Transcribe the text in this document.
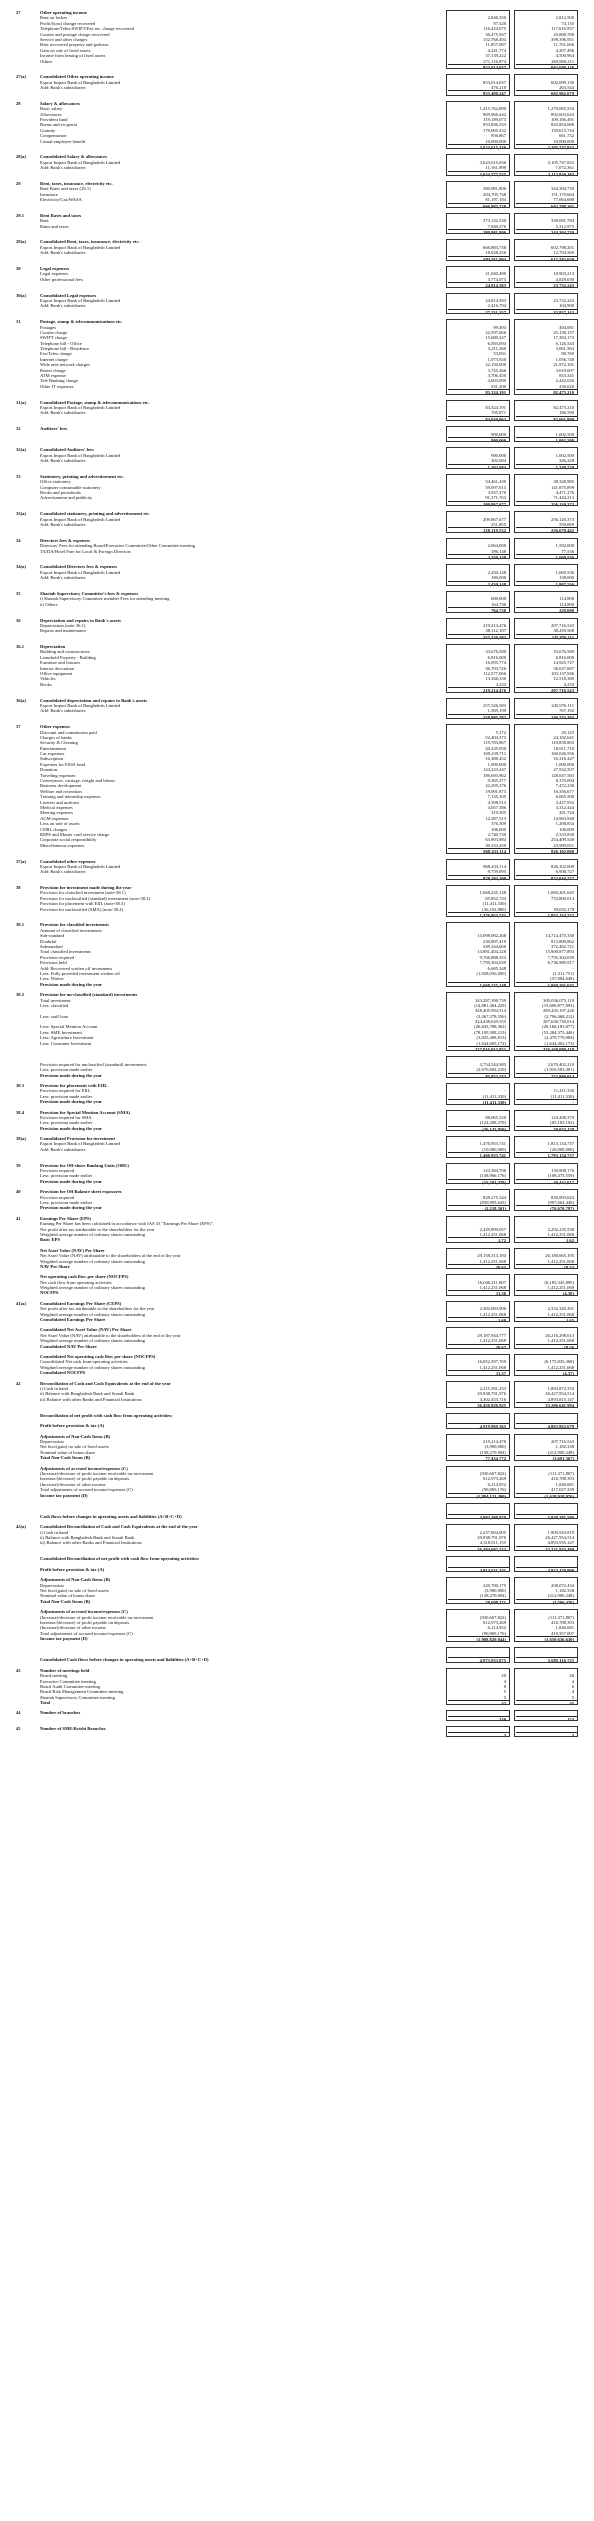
27	Other operating income
Rent on locker	2,846,350	2,812,500
Profit/(loss) change recovered	87,520	74,135
Telephone/Telex/SWIFT/Fax etc. charge recovered	116,424,075	117,616,957
Courier and postage charge recovered	36,475,947	43,868,780
Service and other charges	152,768,494	398,396,951
Rent recovered property and godown	11,857,087	11,761,666
Gain on sale of fixed assets	4,241,774	4,207,496
Income from leasing of fixed assets	37,139,222	4,500,964
Others	271,116,874	269,869,211
853,014,037	602,699,136
27(a)	Consolidated Other operating income
Export Import Bank of Bangladesh Limited	853,014,037	602,699,136
Add: Bank's subsidiaries	476,210	263,544
853,490,247	602,962,679
28	Salary & allowances
Basic salary	1,415,762,890	1,270,065,534
Allowances	969,966,442	892,603,643
Provident fund	119,189,073	109,166,491
Bonus and ex-gratia	953,836,533	843,854,688
Gratuity	170,005,432	159,613,744
Compensation	856,867	661,732
Casual employee benefit	10,000,000	10,000,000
3,623,615,236	3,105,747,822
28(a)	Consolidated Salary & allowances
Export Import Bank of Bangladesh Limited	3,623,615,636	3,105,747,822
Add: Bank's subsidiaries	11,161,899	7,072,361
3,634,777,535	3,112,820,183
29	Rent, taxes, insurance, electricity etc.
Rent Rates and taxes (29.1)	380,981,806	344,394,739
Insurance	204,705,748	151,170,664
Electricity/Gas/WASA	81,197,184	77,064,688
666,883,738	602,798,201
29.1	Rent Rates and taxes
Rent	373,132,530	339,081,784
Rates and taxes	7,849,276	5,312,975
380,981,806	344,394,739
29(a)	Consolidated Rent, taxes, insurance, electricity etc.
Export Import Bank of Bangladesh Limited	666,883,738	602,798,201
Add: Bank's subsidiaries	18,028,256	12,794,569
684,911,994	615,592,650
30	Legal expenses
Legal expenses	21,040,490	18,903,213
Other professional fees	3,774,073	4,829,030
24,814,563	23,732,243
30(a)	Consolidated Legal expenses
Export Import Bank of Bangladesh Limited	24,814,563	23,732,243
Add: Bank's subsidiaries	2,416,794	104,900
27,231,357	23,837,143
31	Postage, stamp & telecommunications etc.
Postages	99,493	494,081
Courier charge	22,597,666	25,138,157
SWIFT charge	15,680,347	17,394,174
Telephone bill - Office	6,583,094	6,126,543
Telephone bill - Residence	3,211,560	3,061,563
Fax/Telex charge	53,091	80,769
Internet charge	1,073,920	1,056,748
Wide area network charges	22,150,000	21,972,181
Reuter charge	3,745,266	3,619,007
ATM expense	3,706,450	833,341
Tele Banking charge	4,603,099	2,442,026
Other IT expenses	331,200	256,620
83,324,191	82,475,210
31(a)	Consolidated Postage, stamp & telecommunications etc.
Export Import Bank of Bangladesh Limited	83,324,191	82,475,210
Add: Bank's subsidiaries	705,871	186,590
84,030,062	82,661,800
32	Auditors' fees
900,000	1,002,500
900,000	1,002,500
32(a)	Consolidated Auditors' fees
Export Import Bank of Bangladesh Limited	900,000	1,002,500
Add: Bank's subsidiaries	302,684	346,228
1,202,684	1,348,728
33	Stationery, printing and advertisement etc.
Office stationery	54,461,430	38,328,985
Computer consumable stationery	59,097,013	141,875,899
Books and periodicals	3,937,470	4,471,276
Advertisement and publicity	91,371,763	71,444,213
209,867,677	256,120,373
33(a)	Consolidated stationery, printing and advertisement etc.
Export Import Bank of Bangladesh Limited	209,867,677	256,120,373
Add: Bank's subsidiaries	251,855	550,069
210,119,532	256,670,442
34	Directors fees & expenses
Directors' Fees for attending Board/Executive Committee/Other Committee meeting	2,064,000	1,592,000
TA/DA/Hotel Fare for Local & Foreign Directors	186,148	77,536
2,250,148	1,669,536
34(a)	Consolidated Directors fees & expenses
Export Import Bank of Bangladesh Limited	2,250,148	1,669,536
Add: Bank's subsidiaries	180,000	138,000
2,430,148	1,807,536
35	Shariah Supervisory Committee's fees & expenses
i) Shariah Supervisory Committee member Fees for attending meeting	600,000	114,800
ii) Others	164,730	114,800
764,730	229,600
36	Depreciation and repairs to Bank's assets
Depreciation (note-36.1)	219,214,476	207,716,543
Repairs and maintenance	38,112,107	38,259,568
257,326,583	245,976,111
36.1	Depreciation
Building and constructions	33,676,580	33,676,580
Leasehold Property - Building	6,816,000	6,816,000
Furniture and fixtures	16,095,774	14,925,727
Interior decoration	36,703,726	36,637,687
Office equipment	112,577,066	103,137,946
Vehicles	13,346,330	12,518,380
Books	4,233	4,233
219,214,476	207,716,543
36(a)	Consolidated depreciation and repairs to Bank's assets
Export Import Bank of Bangladesh Limited	257,326,583	245,976,111
Add: Bank's subsidiaries	1,569,199	767,192
258,895,782	246,743,303
37	Other expenses
Discount and commission paid	5,172	20,125
Charges of banks	52,404,373	24,182,641
Security & Cleaning	119,783,867	110,858,803
Entertainment	20,235,050	18,611,710
Car expenses	169,239,711	160,026,556
Subscription	16,388,452	16,316,447
Expenses for ESSS fund	1,000,000	1,000,000
Donation	124,323,447	27,932,507
Traveling expenses	186,693,962	128,047,583
Conveyance, carriage, freight and labour	9,365,377	8,370,094
Business development	22,295,376	7,472,230
Welfare and recreation	19,091,873	16,356,677
Training and internship expenses	7,135,105	6,065,500
Liveries and uniform	4,398,513	3,427,932
Medical expenses	4,657,386	4,312,444
Meeting expenses	319,305	201,744
AGM expenses	12,387,513	14,963,948
Loss on sale of assets	376,309	1,208,834
CDBL charges	106,000	106,000
REPS and Master card service charge	2,740,730	2,333,830
Corporate social responsibility	63,893,884	254,409,548
Miscellaneous expenses	30,333,459	23,989,051
868,433,114	826,102,000
37(a)	Consolidated other expenses
Export Import Bank of Bangladesh Limited	868,433,114	826,102,000
Add: Bank's subsidiaries	9,759,095	6,908,727
878,192,209	833,010,727
38	Provision for investment made during the year
Provision for classified investment (note-38.1)	1,668,235,148	1,060,201,645
Provision for unclassified (standard) investment (note-38.2)	85,852,743	753,800,014
Provision for placement with EIIL (note-38.3)	(11,411,330)	-
Provision for unclassified (SMA) (note-38.4)	(36,102,880)	39,033,178
1,476,953,741	1,853,134,737
38.1	Provision for classified investments
Amount of classified investments
Sub-standard	13,098,082,268	14,714,475,330
Doubtful	230,887,419	813,809,862
Substandard	549,344,660	372,482,721
Total classified investments	13,881,404,228	15,900,877,893
Provision required	9,766,888,353	7,795,304,039
Provision held	7,795,304,039	6,736,989,917
Add: Recovered written off investment	6,685,348	-
Less: Fully provided investment written off	(1,028,056,000)	(1,311,751)
Less: Waiver	-	(37,884,648)
Provision made during the year	1,668,235,148	1,060,201,645
38.2	Provision for un-classified (standard) investments
Total investment	343,287,398,739	305,036,075,119
Less: classified	(14,881,404,229)	(15,600,877,893)
328,405,994,514	289,435,197,226
Less: staff loan	(3,367,378,556)	(2,796,468,212)
324,438,629,555	287,638,730,014
Less: Special Mention Account	(26,843,788,302)	(20,166,183,877)
Less: SME Investment	(78,109,308,215)	(53,284,375,446)
Less: Agriculture Investment	(3,825,408,813)	(2,479,779,084)
Less: Consumer Investment	(1,644,605,172)	(1,644,402,173)
237,016,813,851	226,168,099,418
Provision required for unclassified (standard) investments	3,754,544,983	2,670,402,210
Less: provision made earlier	(2,670,692,210)	(1,916,583,301)
Provision made during the year	85,852,743	753,800,014
38.3	Provision for placement with EIIL
Provision required for EIIL	-	11,411,330
Less: provision made earlier	(11,411,330)	(11,411,330)
Provision made during the year	(11,411,330)	-
38.4	Provision for Special Mention Account (SMA)
Provision required for SMA	88,065,520	124,208,370
Less: provision made earlier	(124,208,370)	(85,185,192)
Provision made during the year	(36,142,850)	39,023,178
38(a)	Consolidated Provision for investment
Export Import Bank of Bangladesh Limited	1,476,953,741	1,813,134,737
Add: Bank's subsidiaries	(10,000,000)	(20,000,000)
1,466,953,741	1,793,134,737
39	Provision for Off-shore Banking Units (OBU)
Provision required	123,384,706	139,908,176
Less: provision made earlier	(138,966,176)	(108,475,559)
Provision made during the year	(15,581,470)	30,432,617
40	Provision for Off Balance sheet exposures
Provision required	828,275,344	830,993,643
Less: provision made earlier	(830,993,643)	(907,664,440)
Provision made during the year	(2,218,301)	(76,670,797)
41	Earnings Per Share (EPS)
Earning Per Share has been calculated in accordance with IAS 33 "Earnings Per Share (EPS)".
Net profit after tax attributable to the shareholders for the year	2,429,899,057	2,292,235,538
Weighted average number of ordinary shares outstanding	1,412,251,068	1,412,251,068
Basic EPS	1.72	1.62
Net Asset Value (NAV) Per Share
Net Asset Value (NAV) attributable to the shareholders at the end of the year	29,158,313,184	26,180,665,195
Weighted average number of ordinary shares outstanding	1,412,251,068	1,412,251,068
NAV Per Share	20.65	18.53
Net operating cash flow per share (NOCFPS)
Net cash flow from operating activities	16,040,211,807	(6,185,345,890)
Weighted average number of ordinary shares outstanding	1,412,251,068	1,412,251,068
NOCFPS	11.36	(4.38)
41(a)	Consolidated Earnings Per Share (CEPS)
Net profit after tax attributable to the shareholders for the year	2,382,083,996	2,332,320,391
Weighted average number of ordinary shares outstanding	1,412,251,068	1,412,251,068
Consolidated Earnings Per Share	1.69	1.65
Consolidated Net Asset Value (NAV) Per Share
Net Asset Value (NAV) attributable to the shareholders at the end of the year	29,187,944,777	26,216,298,613
Weighted average number of ordinary shares outstanding	1,412,251,068	1,412,251,068
Consolidated NAV Per Share	20.67	18.56
Consolidated Net operating cash flow per share (NOCFPS)
Consolidated Net cash from operating activities	16,052,397,769	(6,175,835,368)
Weighted average number of ordinary shares outstanding	1,412,251,068	1,412,251,068
Consolidated NOCFPS	11.37	(4.37)
42	Reconciliation of Cash and Cash Equivalents at the end of the year
i) Cash in hand	2,215,581,233	1,884,872,333
ii) Balance with Bangladesh Bank and Sonali Bank	29,938,791,976	26,427,954,514
iii) Balance with other Banks and Financial Institutions	4,302,453,716	4,893,815,147
36,456,826,925	33,206,641,994
Reconciliation of net profit with cash flow from operating activities:
Profit before provision & tax (A)	4,919,969,365	4,863,863,679
Adjustments of Non-Cash Items (B)
Depreciation	219,214,476	207,716,543
Net loss/(gain) on sale of fixed assets	(3,900,000)	1,182,338
Nominal value of bonus share	(138,270,004)	(212,900,248)
Total Non-Cash Items (B)	77,434,772	(3,691,367)
Adjustments of accrued income/expenses (C)
(Increase)/decrease of profit income receivable on investment	(930,667,822)	(111,371,807)
Increase/(decrease) of profit payable on deposits	612,973,269	416,788,393
(Increase)/decrease of other income	6,214,952	1,840,681
Total adjustments of accrued income/expenses (C)	(90,869,176)	417,027,339
Income tax payment (D)	(1,894,131,490)	(1,628,918,976)
Cash flows before changes in operating assets and liabilities (A+B+C+D)	4,992,408,979	5,848,281,586
42(a)	Consolidated Reconciliation of Cash and Cash Equivalents at the end of the year
i) Cash in hand	2,237,804,005	1,909,943,819
ii) Balance with Bangladesh Bank and Sonali Bank	29,938,791,976	26,427,954,514
iii) Balance with other Banks and Financial Institutions	4,318,011,155	4,893,935,147
36,494,607,223	33,231,843,480
Consolidated Reconciliation of net profit with cash flow from operating activities:
Profit before provision & tax (A)	4,914,631,341	4,922,158,900
Adjustments of Non-Cash Items (B)
Depreciation	220,780,175	208,072,434
Net loss/(gain) on sale of fixed assets	(3,900,000)	1,182,338
Nominal value of bonus share	(138,270,004)	(212,900,248)
Total Non-Cash Items (B)	78,608,171	(3,566,476)
Adjustments of accrued income/expenses (C)
(Increase)/decrease of profit income receivable on investment	(930,667,822)	(111,371,807)
Increase/(decrease) of profit payable on deposits	612,973,269	416,788,393
(Increase)/decrease of other income	6,214,952	1,840,681
Total adjustments of accrued income/expenses (C)	(90,869,176)	419,357,007
Income tax payment (D)	(1,908,829,044)	(1,650,636,630)
Consolidated Cash flows before changes in operating assets and liabilities (A+B+C+D)	4,973,933,075	5,685,116,725
43	Number of meetings held
Board meeting	20	26
Executive Committee meeting	4	4
Board Audit Committee meeting	8	6
Board Risk Management Committee meeting	5	4
Shariah Supervisory Committee meeting	5	5
Total	42	45
44	Number of branches
130	123
45	Number of SME/Krishi Branches
3	3
